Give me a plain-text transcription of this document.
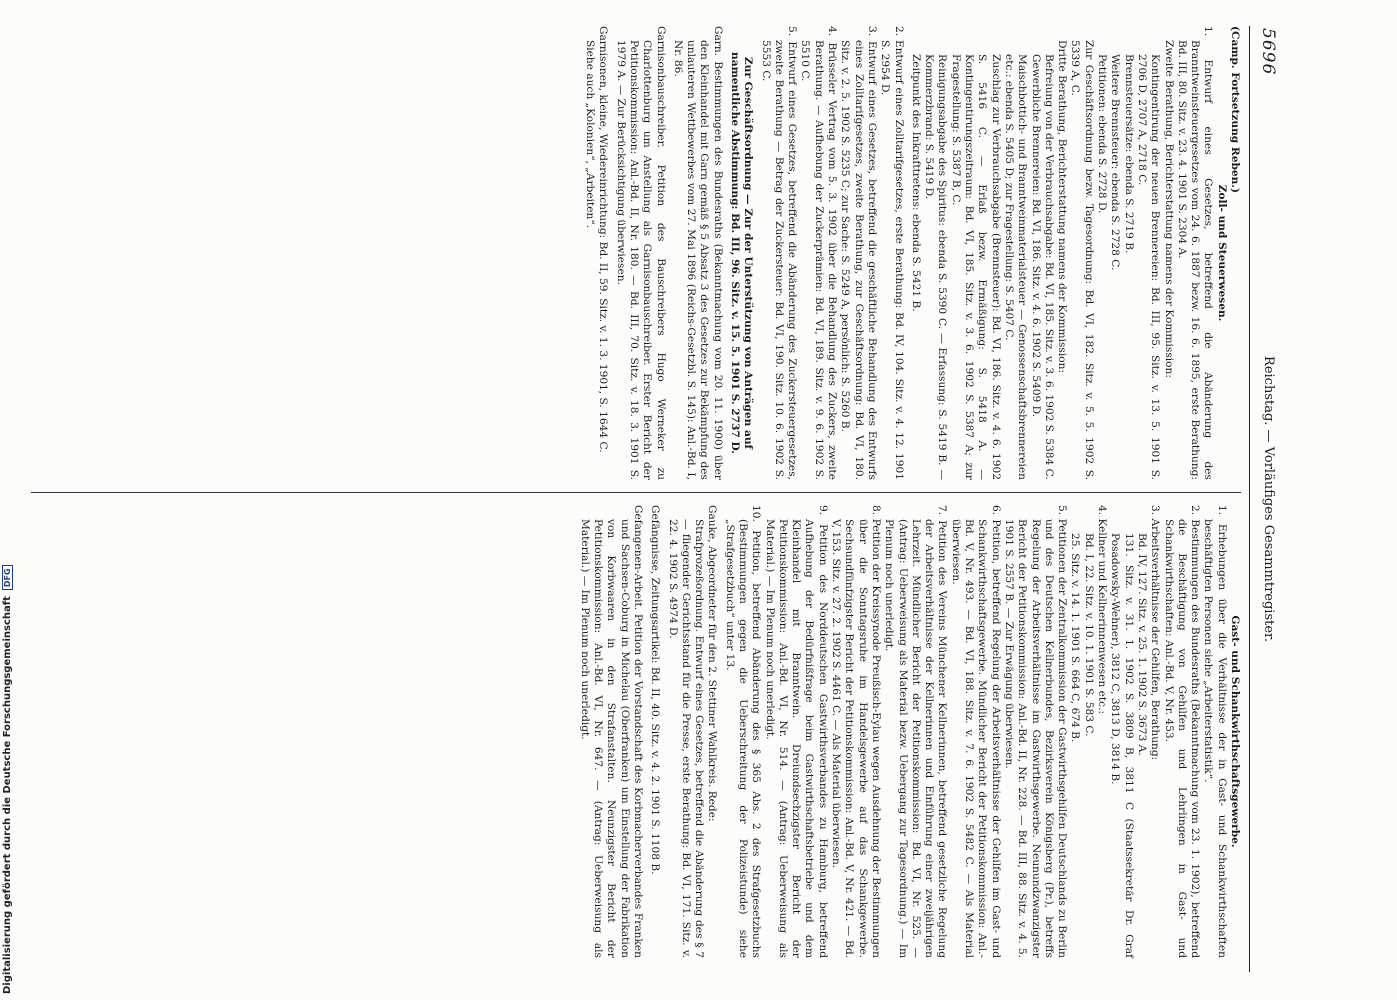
5696
Reichstag. — Vorläufiges Gesammtregister.

(Camp. Fortsetzung Reben.)

Zoll- und Steuerwesen.

1. Entwurf eines Gesetzes, betreffend die Abänderung des Branntweinsteuergesetzes vom 24. 6. 1887 bezw. 16. 6. 1895, erste Berathung: Bd. III, 80. Sitz. v. 23. 4. 1901 S. 2304 A.

Zweite Berathung, Berichterstattung namens der Kommission:

Kontingentirung der neuen Brennereien: Bd. III, 95. Sitz. v. 13. 5. 1901 S. 2706 D, 2707 A, 2718 C.

Brennsteuersätze: ebenda S. 2719 B.

Weitere Brennsteuer: ebenda S. 2728 C.

Petitionen: ebenda S. 2728 D.

Zur Geschäftsordnung bezw. Tagesordnung: Bd. VI, 182. Sitz. v. 5. 5. 1902 S. 5339 A, C.

Dritte Berathung, Berichterstattung namens der Kommission:

Befreiung von der Verbrauchsabgabe: Bd. VI, 185. Sitz. v. 3. 6. 1902 S. 5384 C.

Gewerbliche Brennereien: Bd. VI, 186. Sitz. v. 4. 6. 1902 S. 5409 D.

Maischbottich- und Branntweinmaterialsteuer — Genossenschaftsbrennereien etc.: ebenda S. 5405 D; zur Fragestellung: S. 5407 C.

Zuschlag zur Verbrauchsabgabe (Brennsteuer): Bd. VI, 186. Sitz. v. 4. 6. 1902 S. 5416 C. — Erlaß bezw. Ermäßigung: S. 5418 A. — Kontingentirungszeitraum: Bd. VI, 185. Sitz. v. 3. 6. 1902 S. 5387 A; zur Fragestellung: S. 5387 B, C.

Reinigungsabgabe des Spiritus: ebenda S. 5390 C. — Erfassung: S. 5419 B. — Kommerzbrand: S. 5419 D.

Zeitpunkt des Inkrafttretens: ebenda S. 5421 B.

2. Entwurf eines Zolltarifgesetzes, erste Berathung: Bd. IV, 104. Sitz. v. 4. 12. 1901 S. 2954 D.

3. Entwurf eines Gesetzes, betreffend die geschäftliche Behandlung des Entwurfs eines Zolltarifgesetzes, zweite Berathung, zur Geschäftsordnung: Bd. VI, 180. Sitz. v. 2. 5. 1902 S. 5235 C; zur Sache: S. 5249 A, persönlich: S. 5260 B.

4. Brüsseler Vertrag vom 5. 3. 1902 über die Behandlung des Zuckers, zweite Berathung. — Aufhebung der Zuckerprämien: Bd. VI, 189. Sitz. v. 9. 6. 1902 S. 5510 C.

5. Entwurf eines Gesetzes, betreffend die Abänderung des Zuckersteuergesetzes, zweite Berathung — Betrag der Zuckersteuer: Bd. VI, 190. Sitz. 10. 6. 1902 S. 5553 C.

Zur Geschäftsordnung — Zur der Unterstützung von Anträgen auf namentliche Abstimmung: Bd. III, 96. Sitz. v. 15. 5. 1901 S. 2737 D.

Garn. Bestimmungen des Bundesraths (Bekanntmachung vom 20. 11. 1900) über den Kleinhandel mit Garn gemäß § 5 Absatz 3 des Gesetzes zur Bekämpfung des unlauteren Wettbewerbes vom 27. Mai 1896 (Reichs-Gesetzbl. S. 145): Anl.-Bd. I, Nr. 86.

Garnisonbauschreiber. Petition des Bauschreibers Hugo Werneker zu Charlottenburg um Anstellung als Garnisonbauschreiber. Erster Bericht der Petitionskommission: Anl.-Bd. II, Nr. 180. — Bd. III, 70. Sitz. v. 18. 3. 1901 S. 1979 A. — Zur Berücksichtigung überwiesen.

Garnisonen, kleine, Wiedereinrichtung: Bd. II, 59. Sitz. v. 1. 3. 1901, S. 1644 C.

Siehe auch „Kolonien“, „Arbeiten“.

Gast- und Schankwirthschaftsgewerbe.

1. Erhebungen über die Verhältnisse der in Gast- und Schankwirthschaften beschäftigten Personen siehe „Arbeiterstatistik“.

2. Bestimmungen des Bundesraths (Bekanntmachung vom 23. 1. 1902), betreffend die Beschäftigung von Gehilfen und Lehrlingen in Gast- und Schankwirthschaften: Anl.-Bd. V, Nr. 453.

3. Arbeitsverhältnisse der Gehilfen, Berathung:

Bd. IV, 127. Sitz. v. 25. 1. 1902 S. 3673 A.

131. Sitz. v. 31. 1. 1902 S. 3809 B, 3811 C (Staatssekretär Dr. Graf Posadowsky-Wehner), 3812 C, 3813 D, 3814 B.

4. Kellner und Kellnerinnenwesen etc.:

Bd. I, 22. Sitz. v. 10. 1. 1901 S. 583 C.

25. Sitz. v. 14. 1. 1901 S. 664 C, 674 B.

5. Petitionen der Zentralkommission der Gastwirthsgehilfen Deutschlands zu Berlin und des Deutschen Kellnerbundes, Bezirksverein Königsberg (Pr.), betreffs Regelung der Arbeitsverhältnisse im Gastwirthsgewerbe. Neunundzwanzigster Bericht der Petitionskommission: Anl.-Bd. II, Nr. 228. — Bd. III, 88. Sitz. v. 4. 5. 1901 S. 2557 B. — Zur Erwägung überwiesen.

6. Petition, betreffend Regelung der Arbeitsverhältnisse der Gehilfen im Gast- und Schankwirthschaftsgewerbe. Mündlicher Bericht der Petitionskommission: Anl.-Bd. V, Nr. 493. — Bd. VI, 188. Sitz. v. 7. 6. 1902 S. 5482 C. — Als Material überwiesen.

7. Petition des Vereins Münchener Kellnerinnen, betreffend gesetzliche Regelung der Arbeitsverhältnisse der Kellnerinnen und Einführung einer zweijährigen Lehrzeit. Mündlicher Bericht der Petitionskommission: Bd. VI, Nr. 525. — (Antrag: Ueberweisung als Material bezw. Uebergang zur Tagesordnung.) — Im Plenum noch unerledigt.

8. Petition der Kreissynode Preußisch-Eylau wegen Ausdehnung der Bestimmungen über die Sonntagsruhe im Handelsgewerbe auf das Schankgewerbe. Sechsundfünfzigster Bericht der Petitionskommission: Anl.-Bd. V, Nr. 421. — Bd. V, 153. Sitz. v. 27. 2. 1902 S. 4461 C. — Als Material überwiesen.

9. Petition des Norddeutschen Gastwirthsverbandes zu Hamburg, betreffend Aufhebung der Bedürfnißfrage beim Gastwirthschaftsbetriebe und dem Kleinhandel mit Branntwein. Dreiundsechzigster Bericht der Petitionskommission: Anl.-Bd. VI, Nr. 514. — (Antrag: Ueberweisung als Material.) — Im Plenum noch unerledigt.

10. Petition, betreffend Abänderung des § 365 Abs. 2 des Strafgesetzbuchs (Bestimmungen gegen die Ueberschreitung der Polizeistunde) siehe „Strafgesetzbuch“ unter 13.

Gauke, Abgeordneter für den 2. Stettiner Wahlkreis. Rede:

Strafprozeßordnung. Entwurf eines Gesetzes, betreffend die Abänderung des § 7 — fliegender Gerichtsstand für die Presse, erste Berathung: Bd. VI, 171. Sitz. v. 22. 4. 1902 S. 4974 D.

Gefängnisse, Zeitungsartikel: Bd. II, 40. Sitz. v. 4. 2. 1901 S. 1108 B.

Gefangenen-Arbeit. Petition der Vorstandschaft des Korbmacherverbandes Franken und Sachsen-Coburg in Michelau (Oberfranken) um Einstellung der Fabrikation von Korbwaaren in den Strafanstalten. Neunzigster Bericht der Petitionskommission: Anl.-Bd. VI, Nr. 647. — (Antrag: Ueberweisung als Material.) — Im Plenum noch unerledigt.

Digitalisierung gefördert durch die Deutsche ForschungsgemeinschaftDFG
